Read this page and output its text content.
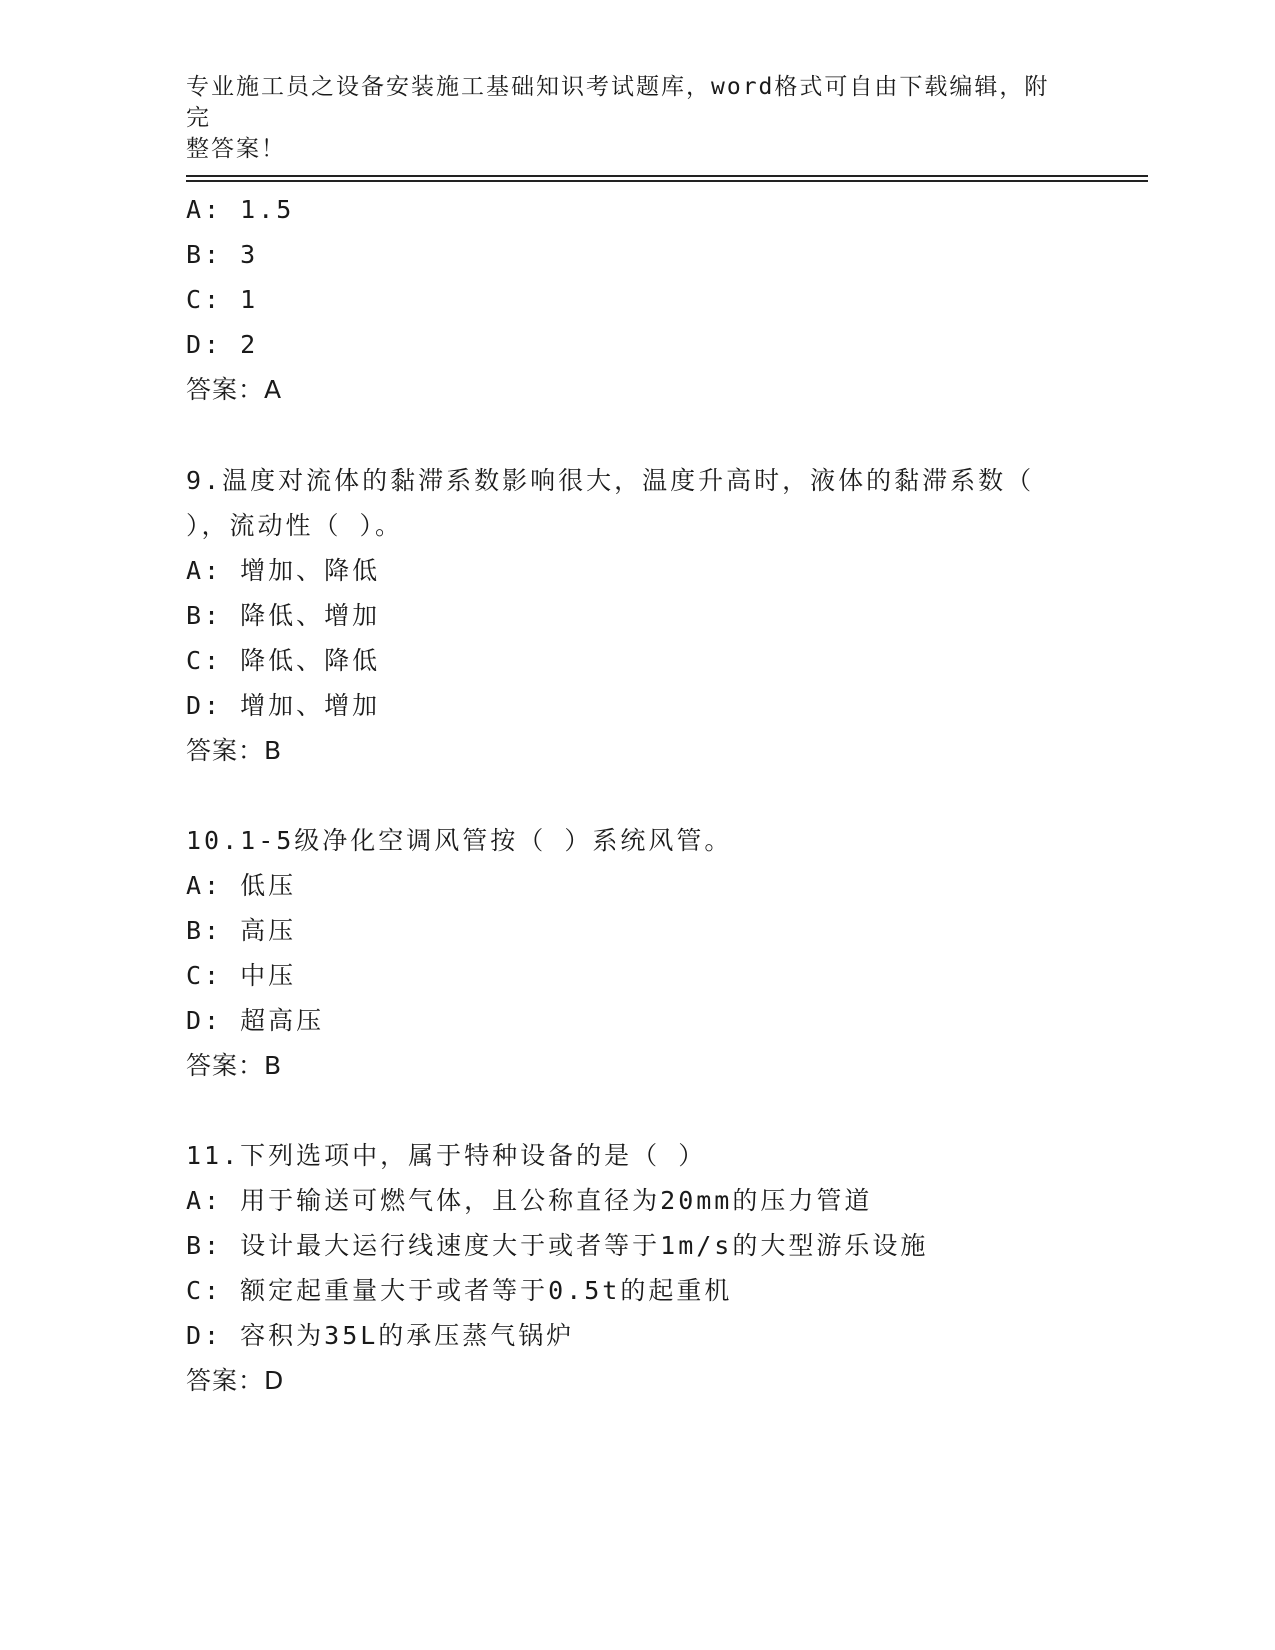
专业施工员之设备安装施工基础知识考试题库，word格式可自由下载编辑，附完
整答案！
A: 1.5
B: 3
C: 1
D: 2
答案：A
9.温度对流体的黏滞系数影响很大，温度升高时，液体的黏滞系数（
），流动性（ ）。
A: 增加、降低
B: 降低、增加
C: 降低、降低
D: 增加、增加
答案：B
10.1-5级净化空调风管按（ ）系统风管。
A: 低压
B: 高压
C: 中压
D: 超高压
答案：B
11.下列选项中，属于特种设备的是（ ）
A: 用于输送可燃气体，且公称直径为20mm的压力管道
B: 设计最大运行线速度大于或者等于1m/s的大型游乐设施
C: 额定起重量大于或者等于0.5t的起重机
D: 容积为35L的承压蒸气锅炉
答案：D
